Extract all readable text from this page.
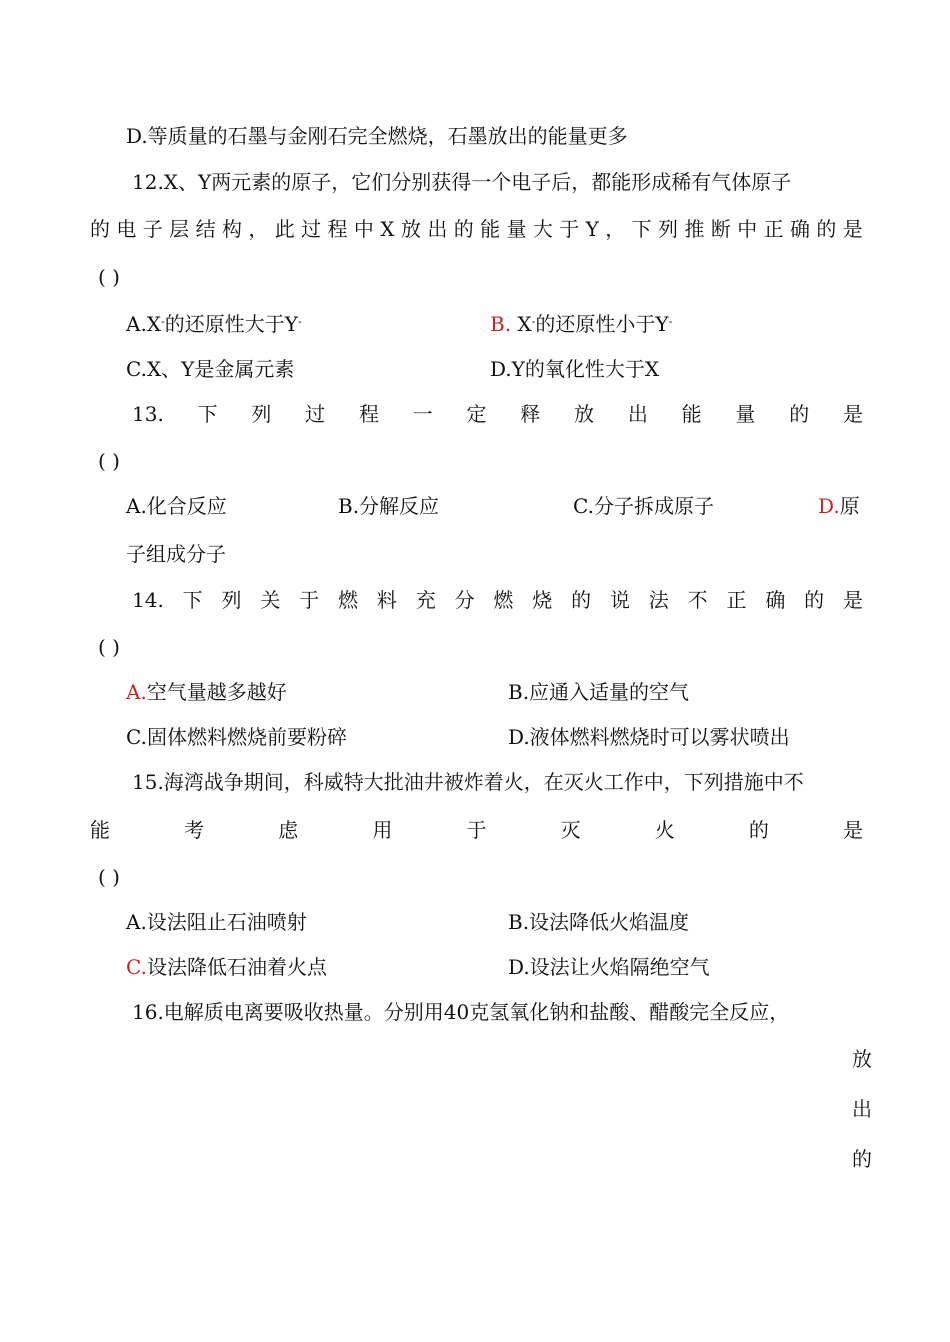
D.等质量的石墨与金刚石完全燃烧，石墨放出的能量更多
12.X、Y两元素的原子，它们分别获得一个电子后，都能形成稀有气体原子
的 电 子 层 结 构 ， 此 过 程 中 X 放 出 的 能 量 大 于 Y ， 下 列 推 断 中 正 确 的 是
( )
A.X-的还原性大于Y-	B. X-的还原性小于Y-
C.X、Y是金属元素	D.Y的氧化性大于X
13. 下 列 过 程 一 定 释 放 出 能 量 的 是
( )
A.化合反应	B.分解反应	C.分子拆成原子	D.原
子组成分子
14. 下 列 关 于 燃 料 充 分 燃 烧 的 说 法 不 正 确 的 是
( )
A.空气量越多越好	B.应通入适量的空气
C.固体燃料燃烧前要粉碎	D.液体燃料燃烧时可以雾状喷出
15.海湾战争期间，科威特大批油井被炸着火，在灭火工作中，下列措施中不
能	考	虑	用	于	灭	火	的	是
( )
A.设法阻止石油喷射	B.设法降低火焰温度
C.设法降低石油着火点	D.设法让火焰隔绝空气
16.电解质电离要吸收热量。分别用40克氢氧化钠和盐酸、醋酸完全反应，
放
出
的
